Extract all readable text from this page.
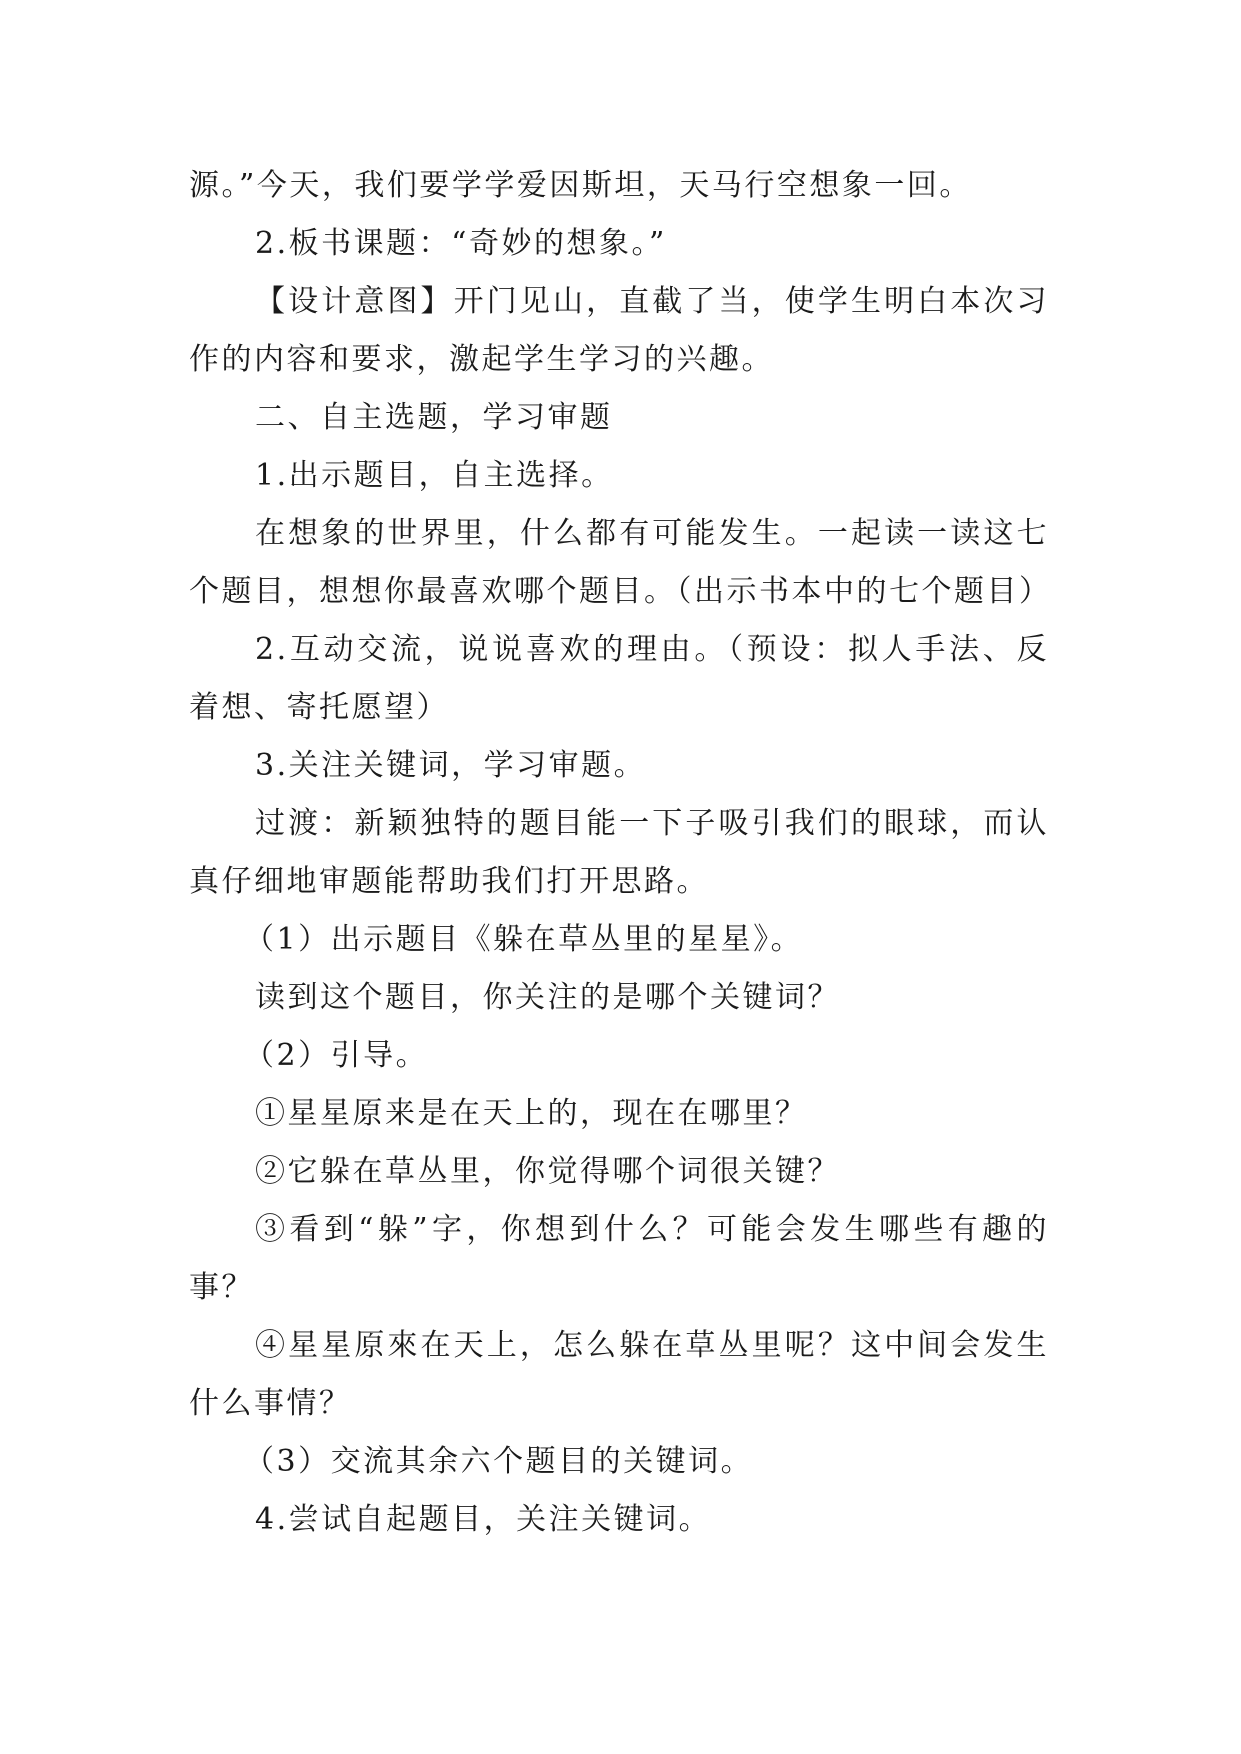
源。”今天，我们要学学爱因斯坦，天马行空想象一回。

2.板书课题：“奇妙的想象。”

【设计意图】开门见山，直截了当，使学生明白本次习作的内容和要求，激起学生学习的兴趣。

二、自主选题，学习审题

1.出示题目，自主选择。

在想象的世界里，什么都有可能发生。一起读一读这七个题目，想想你最喜欢哪个题目。（出示书本中的七个题目）

2.互动交流，说说喜欢的理由。（预设：拟人手法、反着想、寄托愿望）

3.关注关键词，学习审题。

过渡：新颖独特的题目能一下子吸引我们的眼球，而认真仔细地审题能帮助我们打开思路。

（1）出示题目《躲在草丛里的星星》。

读到这个题目，你关注的是哪个关键词？

（2）引导。

①星星原来是在天上的，现在在哪里？

②它躲在草丛里，你觉得哪个词很关键？

③看到“躲”字，你想到什么？可能会发生哪些有趣的事？

④星星原來在天上，怎么躲在草丛里呢？这中间会发生什么事情？

（3）交流其余六个题目的关键词。

4.尝试自起题目，关注关键词。
